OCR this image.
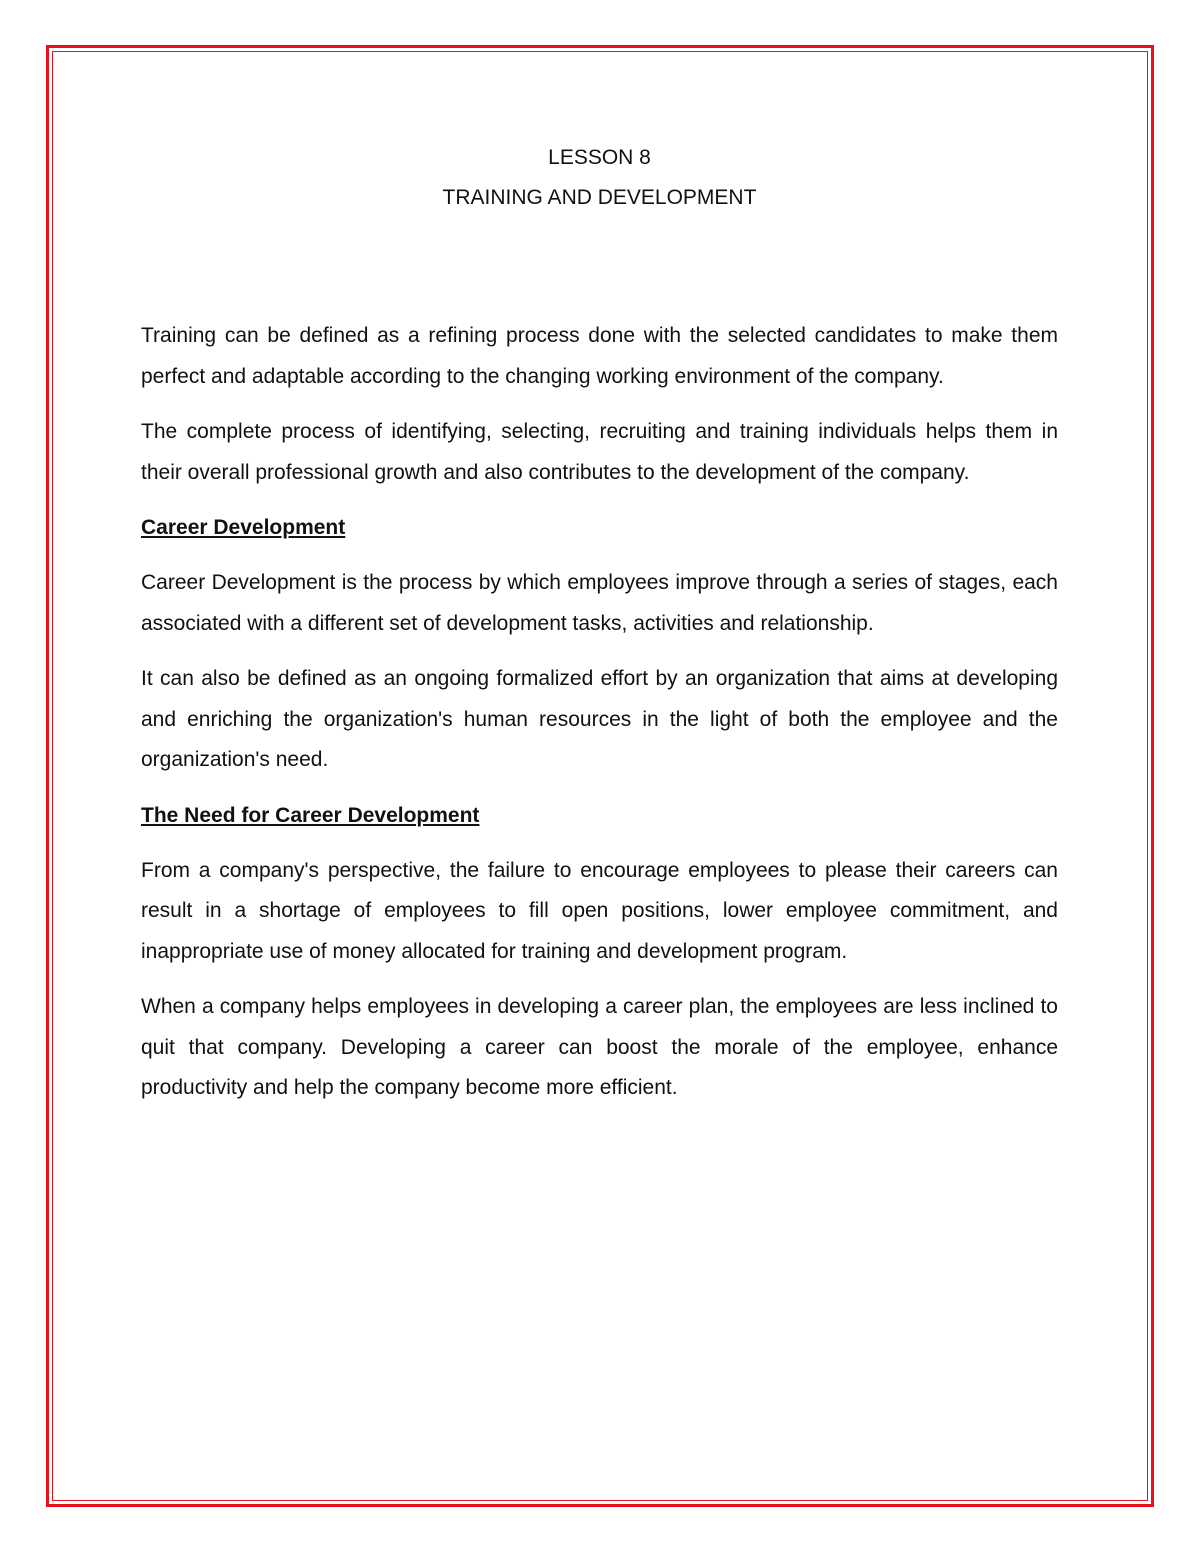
LESSON 8
TRAINING AND DEVELOPMENT

Training can be defined as a refining process done with the selected candidates to make them perfect and adaptable according to the changing working environment of the company.

The complete process of identifying, selecting, recruiting and training individuals helps them in their overall professional growth and also contributes to the development of the company.

Career Development

Career Development is the process by which employees improve through a series of stages, each associated with a different set of development tasks, activities and relationship.

It can also be defined as an ongoing formalized effort by an organization that aims at developing and enriching the organization's human resources in the light of both the employee and the organization's need.

The Need for Career Development

From a company's perspective, the failure to encourage employees to please their careers can result in a shortage of employees to fill open positions, lower employee commitment, and inappropriate use of money allocated for training and development program.

When a company helps employees in developing a career plan, the employees are less inclined to quit that company. Developing a career can boost the morale of the employee, enhance productivity and help the company become more efficient.
